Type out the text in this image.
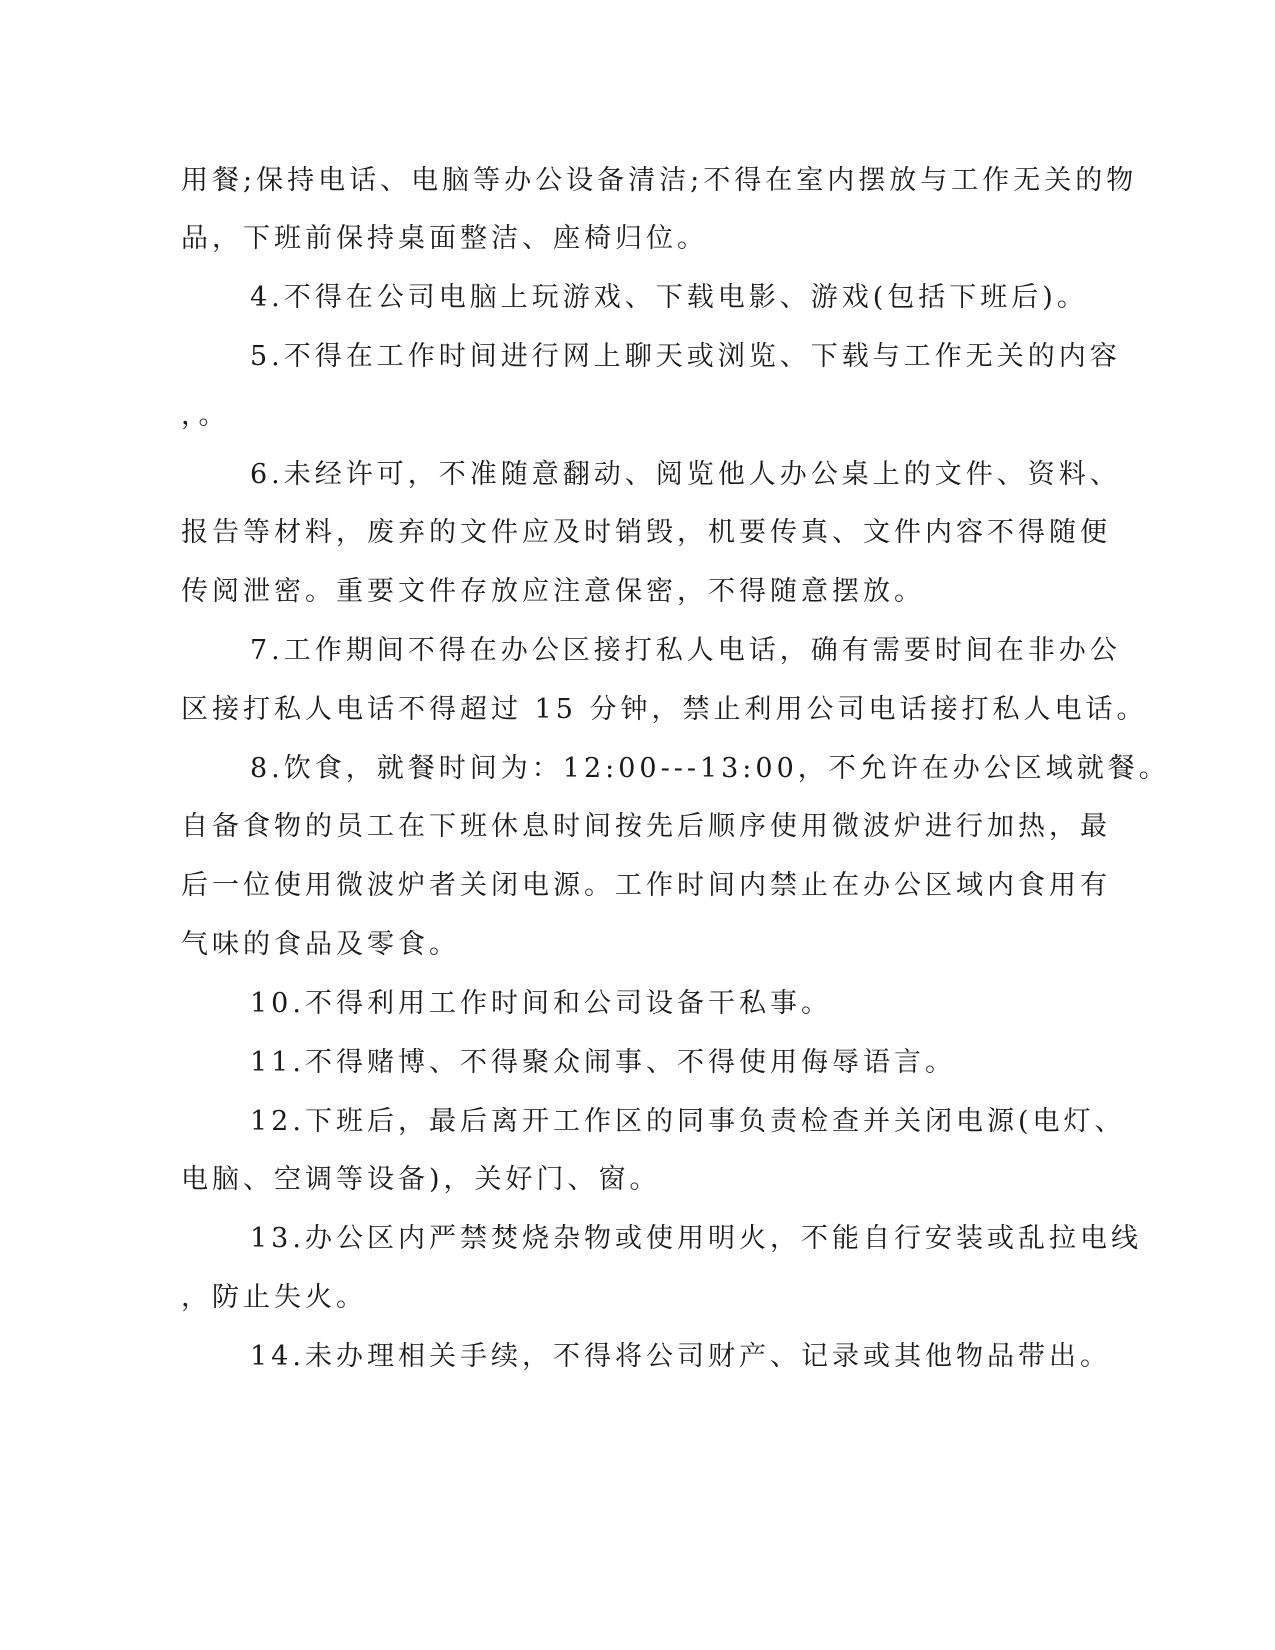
用餐;保持电话、电脑等办公设备清洁;不得在室内摆放与工作无关的物
品，下班前保持桌面整洁、座椅归位。
4.不得在公司电脑上玩游戏、下载电影、游戏(包括下班后)。
5.不得在工作时间进行网上聊天或浏览、下载与工作无关的内容
，。
6.未经许可，不准随意翻动、阅览他人办公桌上的文件、资料、
报告等材料，废弃的文件应及时销毁，机要传真、文件内容不得随便
传阅泄密。重要文件存放应注意保密，不得随意摆放。
7.工作期间不得在办公区接打私人电话，确有需要时间在非办公
区接打私人电话不得超过 15 分钟，禁止利用公司电话接打私人电话。
8.饮食，就餐时间为：12:00---13:00，不允许在办公区域就餐。
自备食物的员工在下班休息时间按先后顺序使用微波炉进行加热，最
后一位使用微波炉者关闭电源。工作时间内禁止在办公区域内食用有
气味的食品及零食。
10.不得利用工作时间和公司设备干私事。
11.不得赌博、不得聚众闹事、不得使用侮辱语言。
12.下班后，最后离开工作区的同事负责检查并关闭电源(电灯、
电脑、空调等设备)，关好门、窗。
13.办公区内严禁焚烧杂物或使用明火，不能自行安装或乱拉电线
，防止失火。
14.未办理相关手续，不得将公司财产、记录或其他物品带出。
